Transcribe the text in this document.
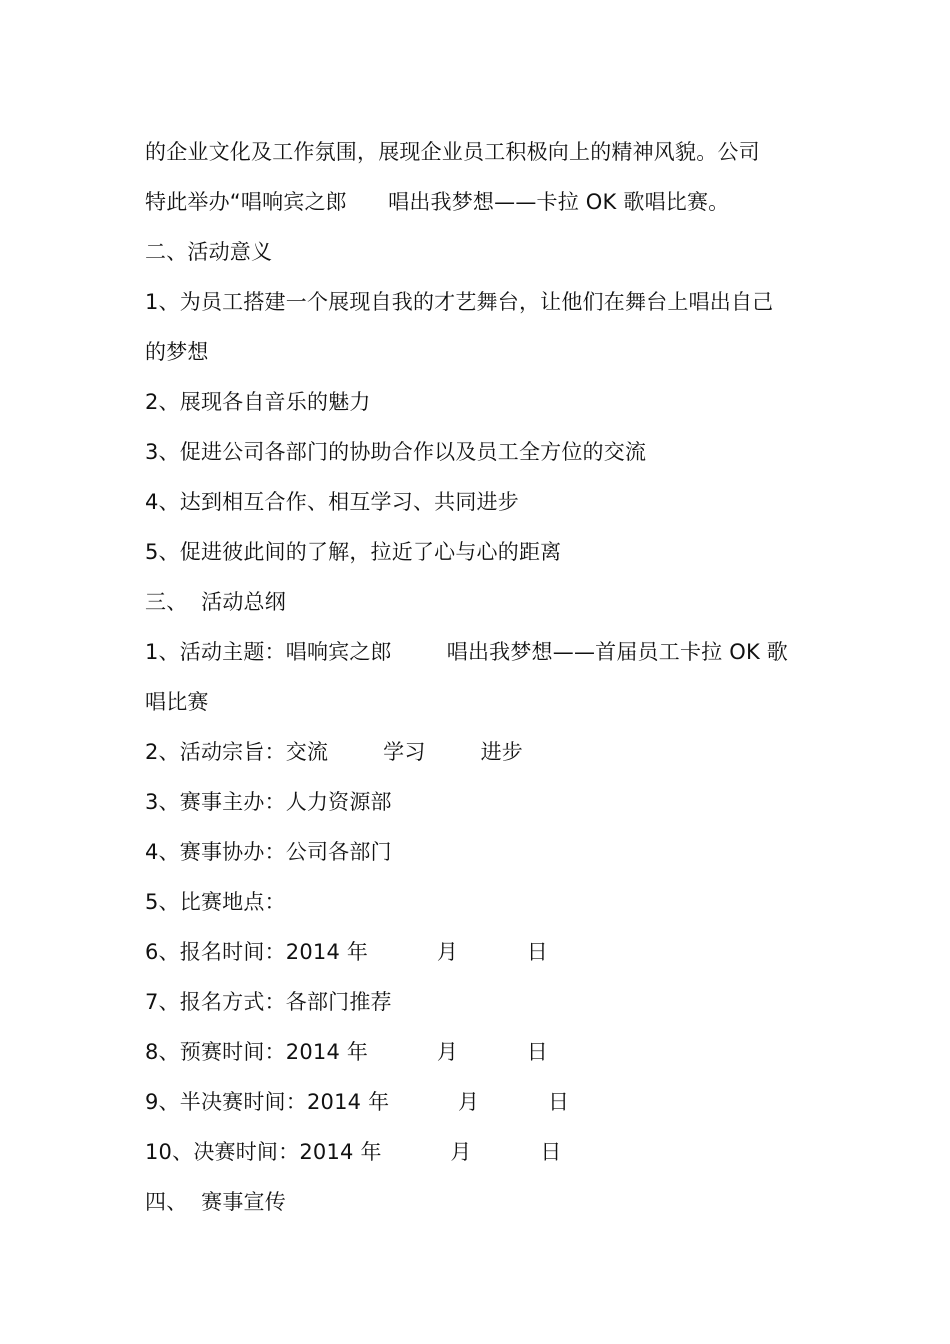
的企业文化及工作氛围，展现企业员工积极向上的精神风貌。公司
特此举办“唱响宾之郎      唱出我梦想——卡拉 OK 歌唱比赛。
二、活动意义
1、为员工搭建一个展现自我的才艺舞台，让他们在舞台上唱出自己
的梦想
2、展现各自音乐的魅力
3、促进公司各部门的协助合作以及员工全方位的交流
4、达到相互合作、相互学习、共同进步
5、促进彼此间的了解，拉近了心与心的距离
三、  活动总纲
1、活动主题：唱响宾之郎        唱出我梦想——首届员工卡拉 OK 歌
唱比赛
2、活动宗旨：交流        学习        进步
3、赛事主办：人力资源部
4、赛事协办：公司各部门
5、比赛地点：
6、报名时间：2014 年          月          日
7、报名方式：各部门推荐
8、预赛时间：2014 年          月          日
9、半决赛时间：2014 年          月          日
10、决赛时间：2014 年          月          日
四、  赛事宣传
